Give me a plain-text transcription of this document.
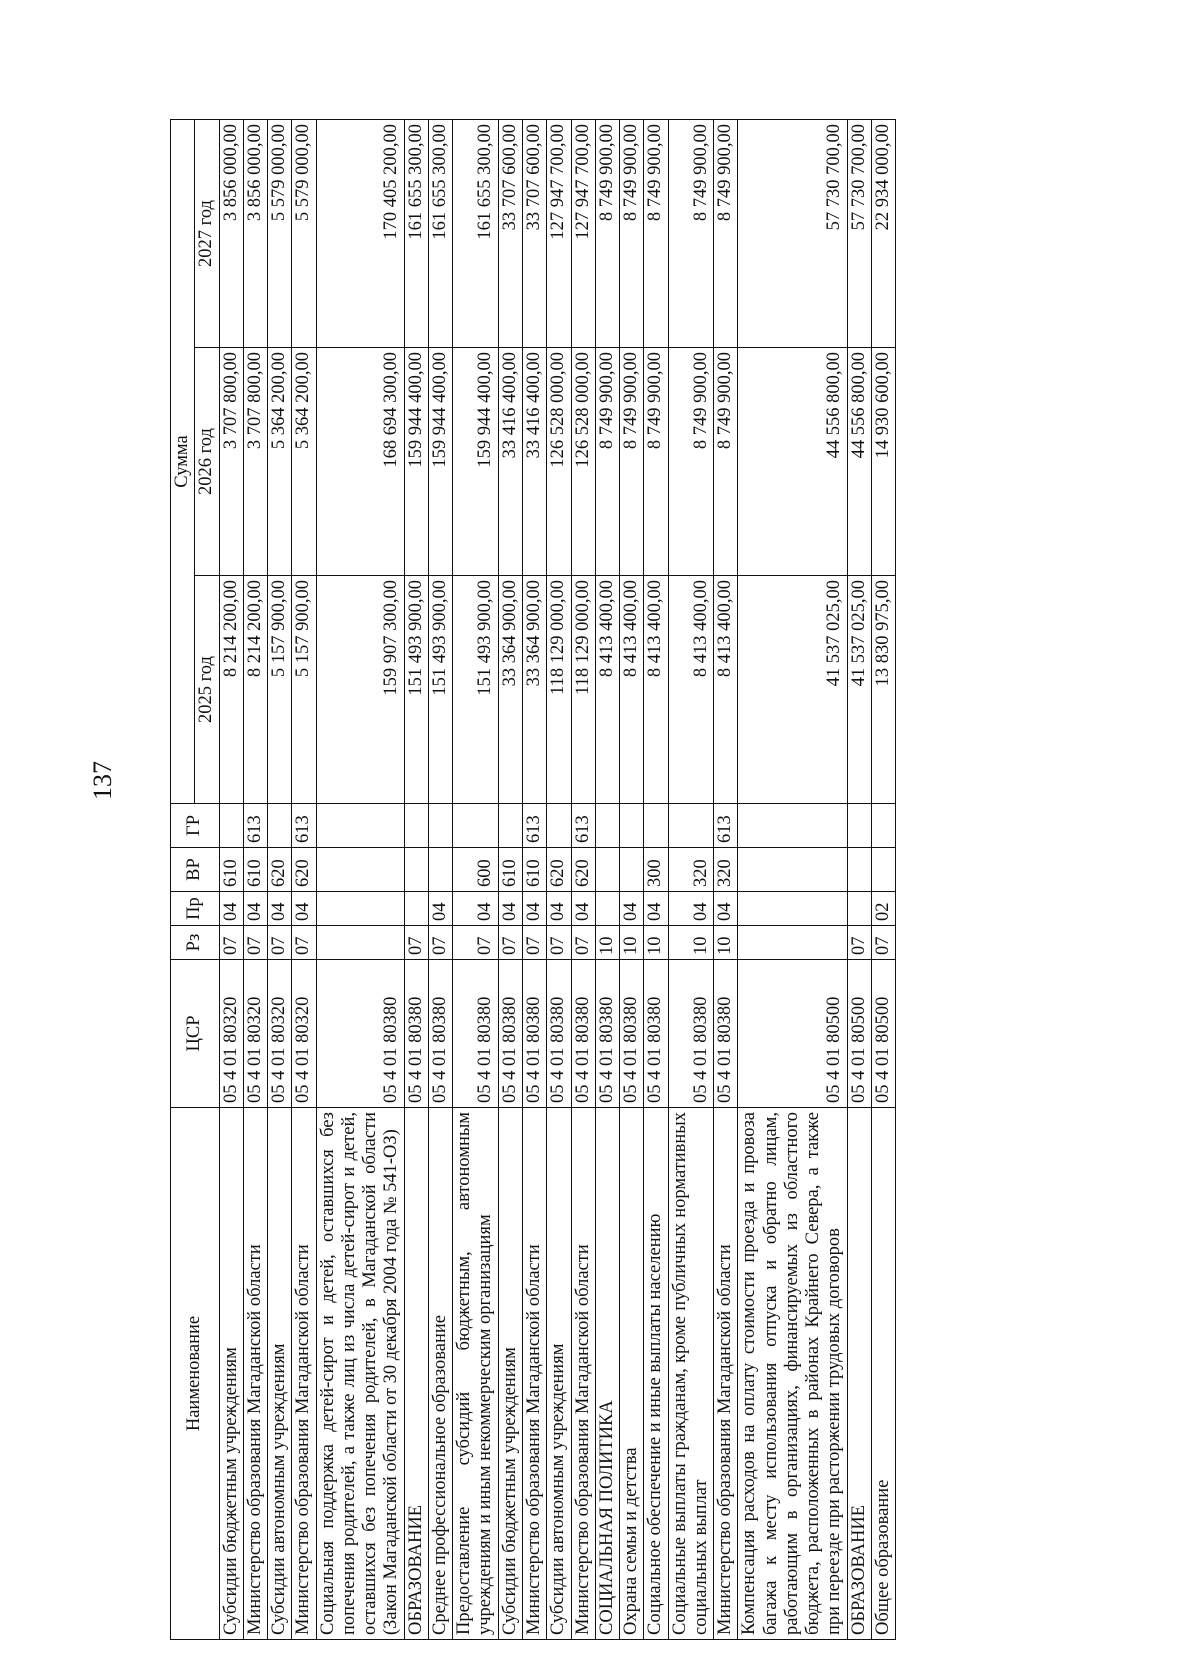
137
Наименование	ЦСР	Рз	Пр	ВР	ГР	Сумма		
						2025 год	2026 год	2027 год
Субсидии бюджетным учреждениям	05 4 01 80320	07	04	610		8 214 200,00	3 707 800,00	3 856 000,00
Министерство образования Магаданской области	05 4 01 80320	07	04	610	613	8 214 200,00	3 707 800,00	3 856 000,00
Субсидии автономным учреждениям	05 4 01 80320	07	04	620		5 157 900,00	5 364 200,00	5 579 000,00
Министерство образования Магаданской области	05 4 01 80320	07	04	620	613	5 157 900,00	5 364 200,00	5 579 000,00
Социальная поддержка детей-сирот и детей, оставшихся без попечения родителей, а также лиц из числа детей-сирот и детей, оставшихся без попечения родителей, в Магаданской области (Закон Магаданской области от 30 декабря 2004 года № 541-ОЗ)	05 4 01 80380					159 907 300,00	168 694 300,00	170 405 200,00
ОБРАЗОВАНИЕ	05 4 01 80380	07				151 493 900,00	159 944 400,00	161 655 300,00
Среднее профессиональное образование	05 4 01 80380	07	04			151 493 900,00	159 944 400,00	161 655 300,00
Предоставление субсидий бюджетным, автономным учреждениям и иным некоммерческим организациям	05 4 01 80380	07	04	600		151 493 900,00	159 944 400,00	161 655 300,00
Субсидии бюджетным учреждениям	05 4 01 80380	07	04	610		33 364 900,00	33 416 400,00	33 707 600,00
Министерство образования Магаданской области	05 4 01 80380	07	04	610	613	33 364 900,00	33 416 400,00	33 707 600,00
Субсидии автономным учреждениям	05 4 01 80380	07	04	620		118 129 000,00	126 528 000,00	127 947 700,00
Министерство образования Магаданской области	05 4 01 80380	07	04	620	613	118 129 000,00	126 528 000,00	127 947 700,00
СОЦИАЛЬНАЯ ПОЛИТИКА	05 4 01 80380	10				8 413 400,00	8 749 900,00	8 749 900,00
Охрана семьи и детства	05 4 01 80380	10	04			8 413 400,00	8 749 900,00	8 749 900,00
Социальное обеспечение и иные выплаты населению	05 4 01 80380	10	04	300		8 413 400,00	8 749 900,00	8 749 900,00
Социальные выплаты гражданам, кроме публичных нормативных социальных выплат	05 4 01 80380	10	04	320		8 413 400,00	8 749 900,00	8 749 900,00
Министерство образования Магаданской области	05 4 01 80380	10	04	320	613	8 413 400,00	8 749 900,00	8 749 900,00
Компенсация расходов на оплату стоимости проезда и провоза багажа к месту использования отпуска и обратно лицам, работающим в организациях, финансируемых из областного бюджета, расположенных в районах Крайнего Севера, а также при переезде при расторжении трудовых договоров	05 4 01 80500					41 537 025,00	44 556 800,00	57 730 700,00
ОБРАЗОВАНИЕ	05 4 01 80500	07				41 537 025,00	44 556 800,00	57 730 700,00
Общее образование	05 4 01 80500	07	02			13 830 975,00	14 930 600,00	22 934 000,00
